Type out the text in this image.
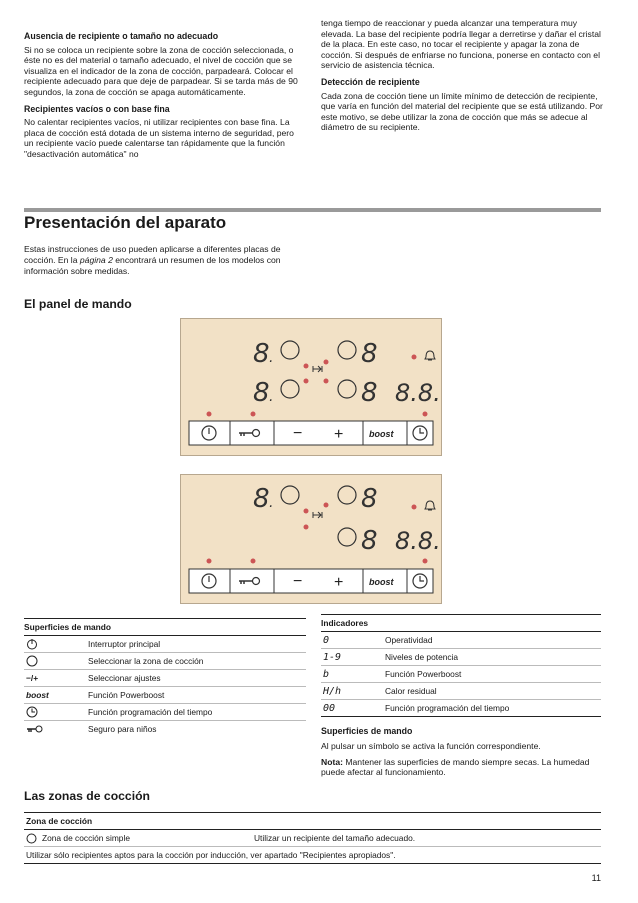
Ausencia de recipiente o tamaño no adecuado

Si no se coloca un recipiente sobre la zona de cocción seleccionada, o éste no es del material o tamaño adecuado, el nivel de cocción que se visualiza en el indicador de la zona de cocción, parpadeará. Colocar el recipiente adecuado para que deje de parpadear. Si se tarda más de 90 segundos, la zona de cocción se apaga automáticamente.

Recipientes vacíos o con base fina

No calentar recipientes vacíos, ni utilizar recipientes con base fina. La placa de cocción está dotada de un sistema interno de seguridad, pero un recipiente vacío puede calentarse tan rápidamente que la función "desactivación automática" no

tenga tiempo de reaccionar y pueda alcanzar una temperatura muy elevada. La base del recipiente podría llegar a derretirse y dañar el cristal de la placa. En este caso, no tocar el recipiente y apagar la zona de cocción. Si después de enfriarse no funciona, ponerse en contacto con el servicio de asistencia técnica.

Detección de recipiente

Cada zona de cocción tiene un límite mínimo de detección de recipiente, que varía en función del material del recipiente que se está utilizando. Por este motivo, se debe utilizar la zona de cocción que más se adecue al diámetro de su recipiente.

Presentación del aparato

Estas instrucciones de uso pueden aplicarse a diferentes placas de cocción. En la página 2 encontrará un resumen de los modelos con información sobre medidas.

El panel de mando
8 .	8
8 .	8 8.8.
− +	boost
8 .	8
8 8.8.
− +	boost
Superficies de mando
Interruptor principal
Seleccionar la zona de cocción
−/+	Seleccionar ajustes
boost	Función Powerboost
Función programación del tiempo
Seguro para niños
Indicadores
0	Operatividad
1-9	Niveles de potencia
b	Función Powerboost
H/h	Calor residual
00	Función programación del tiempo
Superficies de mando

Al pulsar un símbolo se activa la función correspondiente.

Nota: Mantener las superficies de mando siempre secas. La humedad puede afectar al funcionamiento.

Las zonas de cocción
Zona de cocción
Zona de cocción simple	Utilizar un recipiente del tamaño adecuado.
Utilizar sólo recipientes aptos para la cocción por inducción, ver apartado "Recipientes apropiados".
11
